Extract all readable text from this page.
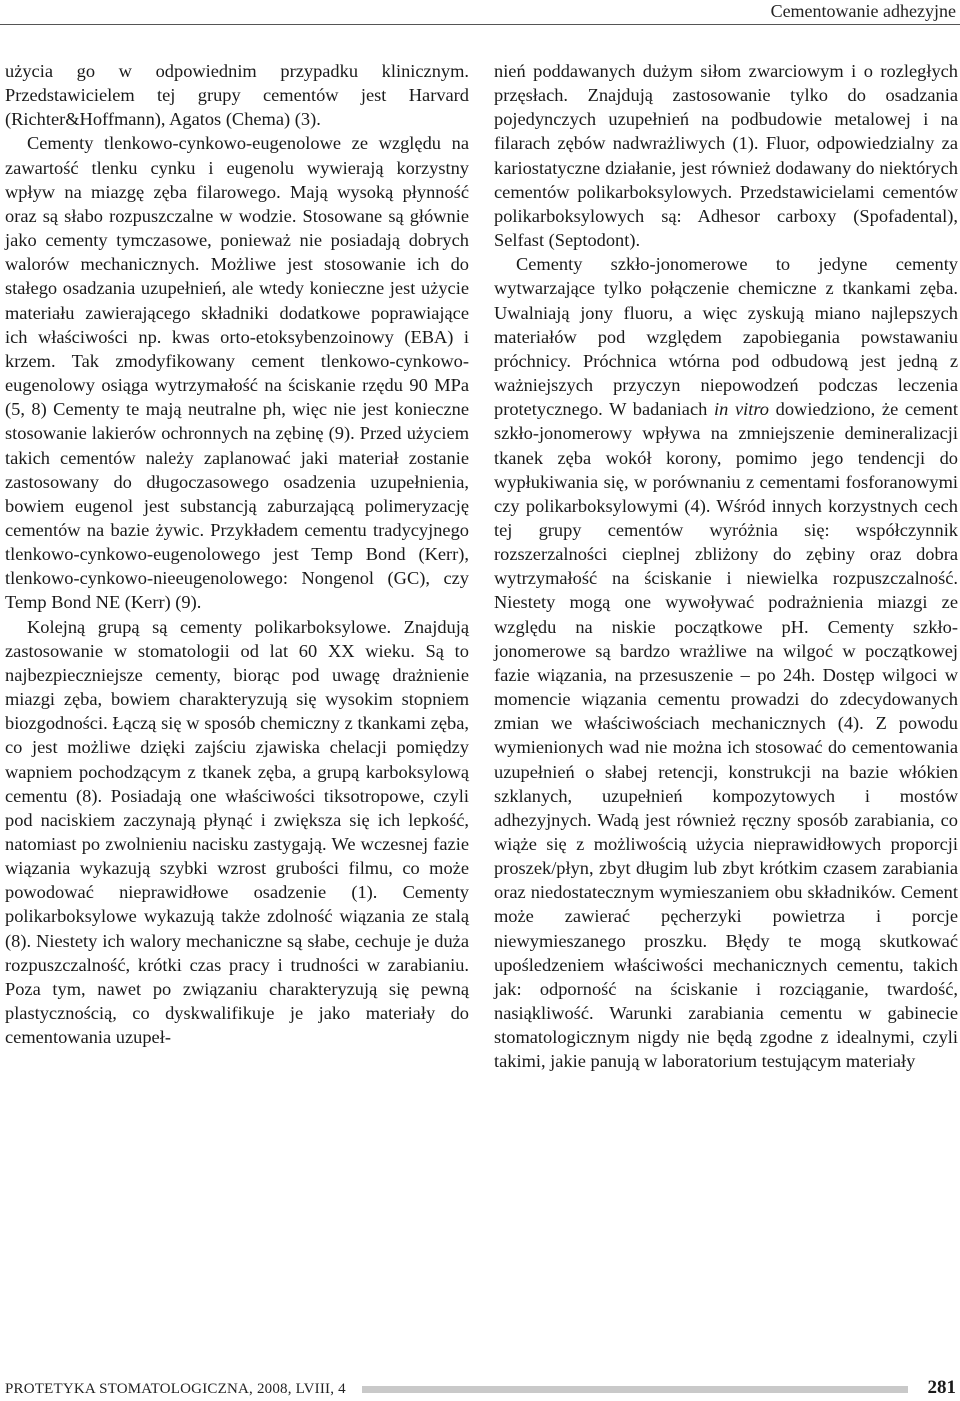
Cementowanie adhezyjne

użycia go w odpowiednim przypadku klinicznym. Przedstawicielem tej grupy cementów jest Harvard (Richter&Hoffmann), Agatos (Chema) (3).

Cementy tlenkowo-cynkowo-eugenolowe ze względu na zawartość tlenku cynku i eugenolu wywierają korzystny wpływ na miazgę zęba filarowego. Mają wysoką płynność oraz są słabo rozpuszczalne w wodzie. Stosowane są głównie jako cementy tymczasowe, ponieważ nie posiadają dobrych walorów mechanicznych. Możliwe jest stosowanie ich do stałego osadzania uzupełnień, ale wtedy konieczne jest użycie materiału zawierającego składniki dodatkowe poprawiające ich właściwości np. kwas orto-etoksybenzoinowy (EBA) i krzem. Tak zmodyfikowany cement tlenkowo-cynkowo-eugenolowy osiąga wytrzymałość na ściskanie rzędu 90 MPa (5, 8) Cementy te mają neutralne ph, więc nie jest konieczne stosowanie lakierów ochronnych na zębinę (9). Przed użyciem takich cementów należy zaplanować jaki materiał zostanie zastosowany do długoczasowego osadzenia uzupełnienia, bowiem eugenol jest substancją zaburzającą polimeryzację cementów na bazie żywic. Przykładem cementu tradycyjnego tlenkowo-cynkowo-eugenolowego jest Temp Bond (Kerr), tlenkowo-cynkowo-nieeugenolowego: Nongenol (GC), czy Temp Bond NE (Kerr) (9).

Kolejną grupą są cementy polikarboksylowe. Znajdują zastosowanie w stomatologii od lat 60 XX wieku. Są to najbezpieczniejsze cementy, biorąc pod uwagę drażnienie miazgi zęba, bowiem charakteryzują się wysokim stopniem biozgodności. Łączą się w sposób chemiczny z tkankami zęba, co jest możliwe dzięki zajściu zjawiska chelacji pomiędzy wapniem pochodzącym z tkanek zęba, a grupą karboksylową cementu (8). Posiadają one właściwości tiksotropowe, czyli pod naciskiem zaczynają płynąć i zwiększa się ich lepkość, natomiast po zwolnieniu nacisku zastygają. We wczesnej fazie wiązania wykazują szybki wzrost grubości filmu, co może powodować nieprawidłowe osadzenie (1). Cementy polikarboksylowe wykazują także zdolność wiązania ze stalą (8). Niestety ich walory mechaniczne są słabe, cechuje je duża rozpuszczalność, krótki czas pracy i trudności w zarabianiu. Poza tym, nawet po związaniu charakteryzują się pewną plastycznością, co dyskwalifikuje je jako materiały do cementowania uzupeł-

nień poddawanych dużym siłom zwarciowym i o rozległych przęsłach. Znajdują zastosowanie tylko do osadzania pojedynczych uzupełnień na podbudowie metalowej i na filarach zębów nadwrażliwych (1). Fluor, odpowiedzialny za kariostatyczne działanie, jest również dodawany do niektórych cementów polikarboksylowych. Przedstawicielami cementów polikarboksylowych są: Adhesor carboxy (Spofadental), Selfast (Septodont).

Cementy szkło-jonomerowe to jedyne cementy wytwarzające tylko połączenie chemiczne z tkankami zęba. Uwalniają jony fluoru, a więc zyskują miano najlepszych materiałów pod względem zapobiegania powstawaniu próchnicy. Próchnica wtórna pod odbudową jest jedną z ważniejszych przyczyn niepowodzeń podczas leczenia protetycznego. W badaniach in vitro dowiedziono, że cement szkło-jonomerowy wpływa na zmniejszenie demineralizacji tkanek zęba wokół korony, pomimo jego tendencji do wypłukiwania się, w porównaniu z cementami fosforanowymi czy polikarboksylowymi (4). Wśród innych korzystnych cech tej grupy cementów wyróżnia się: współczynnik rozszerzalności cieplnej zbliżony do zębiny oraz dobra wytrzymałość na ściskanie i niewielka rozpuszczalność. Niestety mogą one wywoływać podrażnienia miazgi ze względu na niskie początkowe pH. Cementy szkło-jonomerowe są bardzo wrażliwe na wilgoć w początkowej fazie wiązania, na przesuszenie – po 24h. Dostęp wilgoci w momencie wiązania cementu prowadzi do zdecydowanych zmian we właściwościach mechanicznych (4). Z powodu wymienionych wad nie można ich stosować do cementowania uzupełnień o słabej retencji, konstrukcji na bazie włókien szklanych, uzupełnień kompozytowych i mostów adhezyjnych. Wadą jest również ręczny sposób zarabiania, co wiąże się z możliwością użycia nieprawidłowych proporcji proszek/płyn, zbyt długim lub zbyt krótkim czasem zarabiania oraz niedostatecznym wymieszaniem obu składników. Cement może zawierać pęcherzyki powietrza i porcje niewymieszanego proszku. Błędy te mogą skutkować upośledzeniem właściwości mechanicznych cementu, takich jak: odporność na ściskanie i rozciąganie, twardość, nasiąkliwość. Warunki zarabiania cementu w gabinecie stomatologicznym nigdy nie będą zgodne z idealnymi, czyli takimi, jakie panują w laboratorium testującym materiały

PROTETYKA STOMATOLOGICZNA, 2008, LVIII, 4	281
